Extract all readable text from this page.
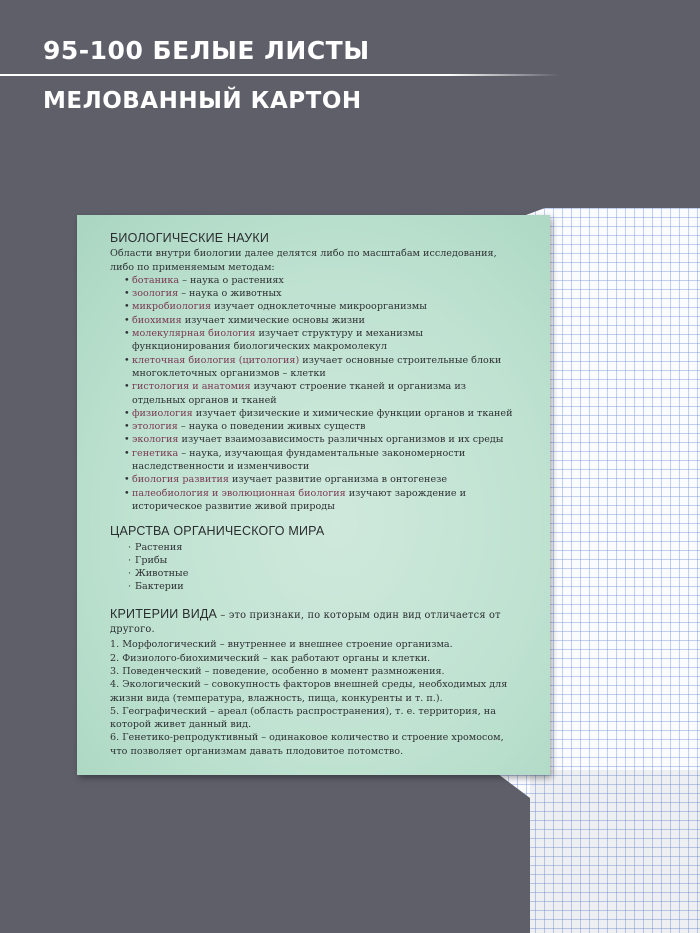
95-100 БЕЛЫЕ ЛИСТЫ
МЕЛОВАННЫЙ КАРТОН
БИОЛОГИЧЕСКИЕ НАУКИ

Области внутри биологии далее делятся либо по масштабам исследования, либо по применяемым методам:

• ботаника – наука о растениях
• зоология – наука о животных
• микробиология изучает одноклеточные микроорганизмы
• биохимия изучает химические основы жизни
• молекулярная биология изучает структуру и механизмы функционирования биологических макромолекул
• клеточная биология (цитология) изучает основные строительные блоки многоклеточных организмов – клетки
• гистология и анатомия изучают строение тканей и организма из отдельных органов и тканей
• физиология изучает физические и химические функции органов и тканей
• этология – наука о поведении живых существ
• экология изучает взаимозависимость различных организмов и их среды
• генетика – наука, изучающая фундаментальные закономерности наследственности и изменчивости
• биология развития изучает развитие организма в онтогенезе
• палеобиология и эволюционная биология изучают зарождение и историческое развитие живой природы
ЦАРСТВА ОРГАНИЧЕСКОГО МИРА
· Растения
· Грибы
· Животные
· Бактерии
КРИТЕРИИ ВИДА – это признаки, по которым один вид отличается от другого.

1. Морфологический – внутреннее и внешнее строение организма.

2. Физиолого-биохимический – как работают органы и клетки.

3. Поведенческий – поведение, особенно в момент размножения.

4. Экологический – совокупность факторов внешней среды, необходимых для жизни вида (температура, влажность, пища, конкуренты и т. п.).

5. Географический – ареал (область распространения), т. е. территория, на которой живет данный вид.

6. Генетико-репродуктивный – одинаковое количество и строение хромосом, что позволяет организмам давать плодовитое потомство.
